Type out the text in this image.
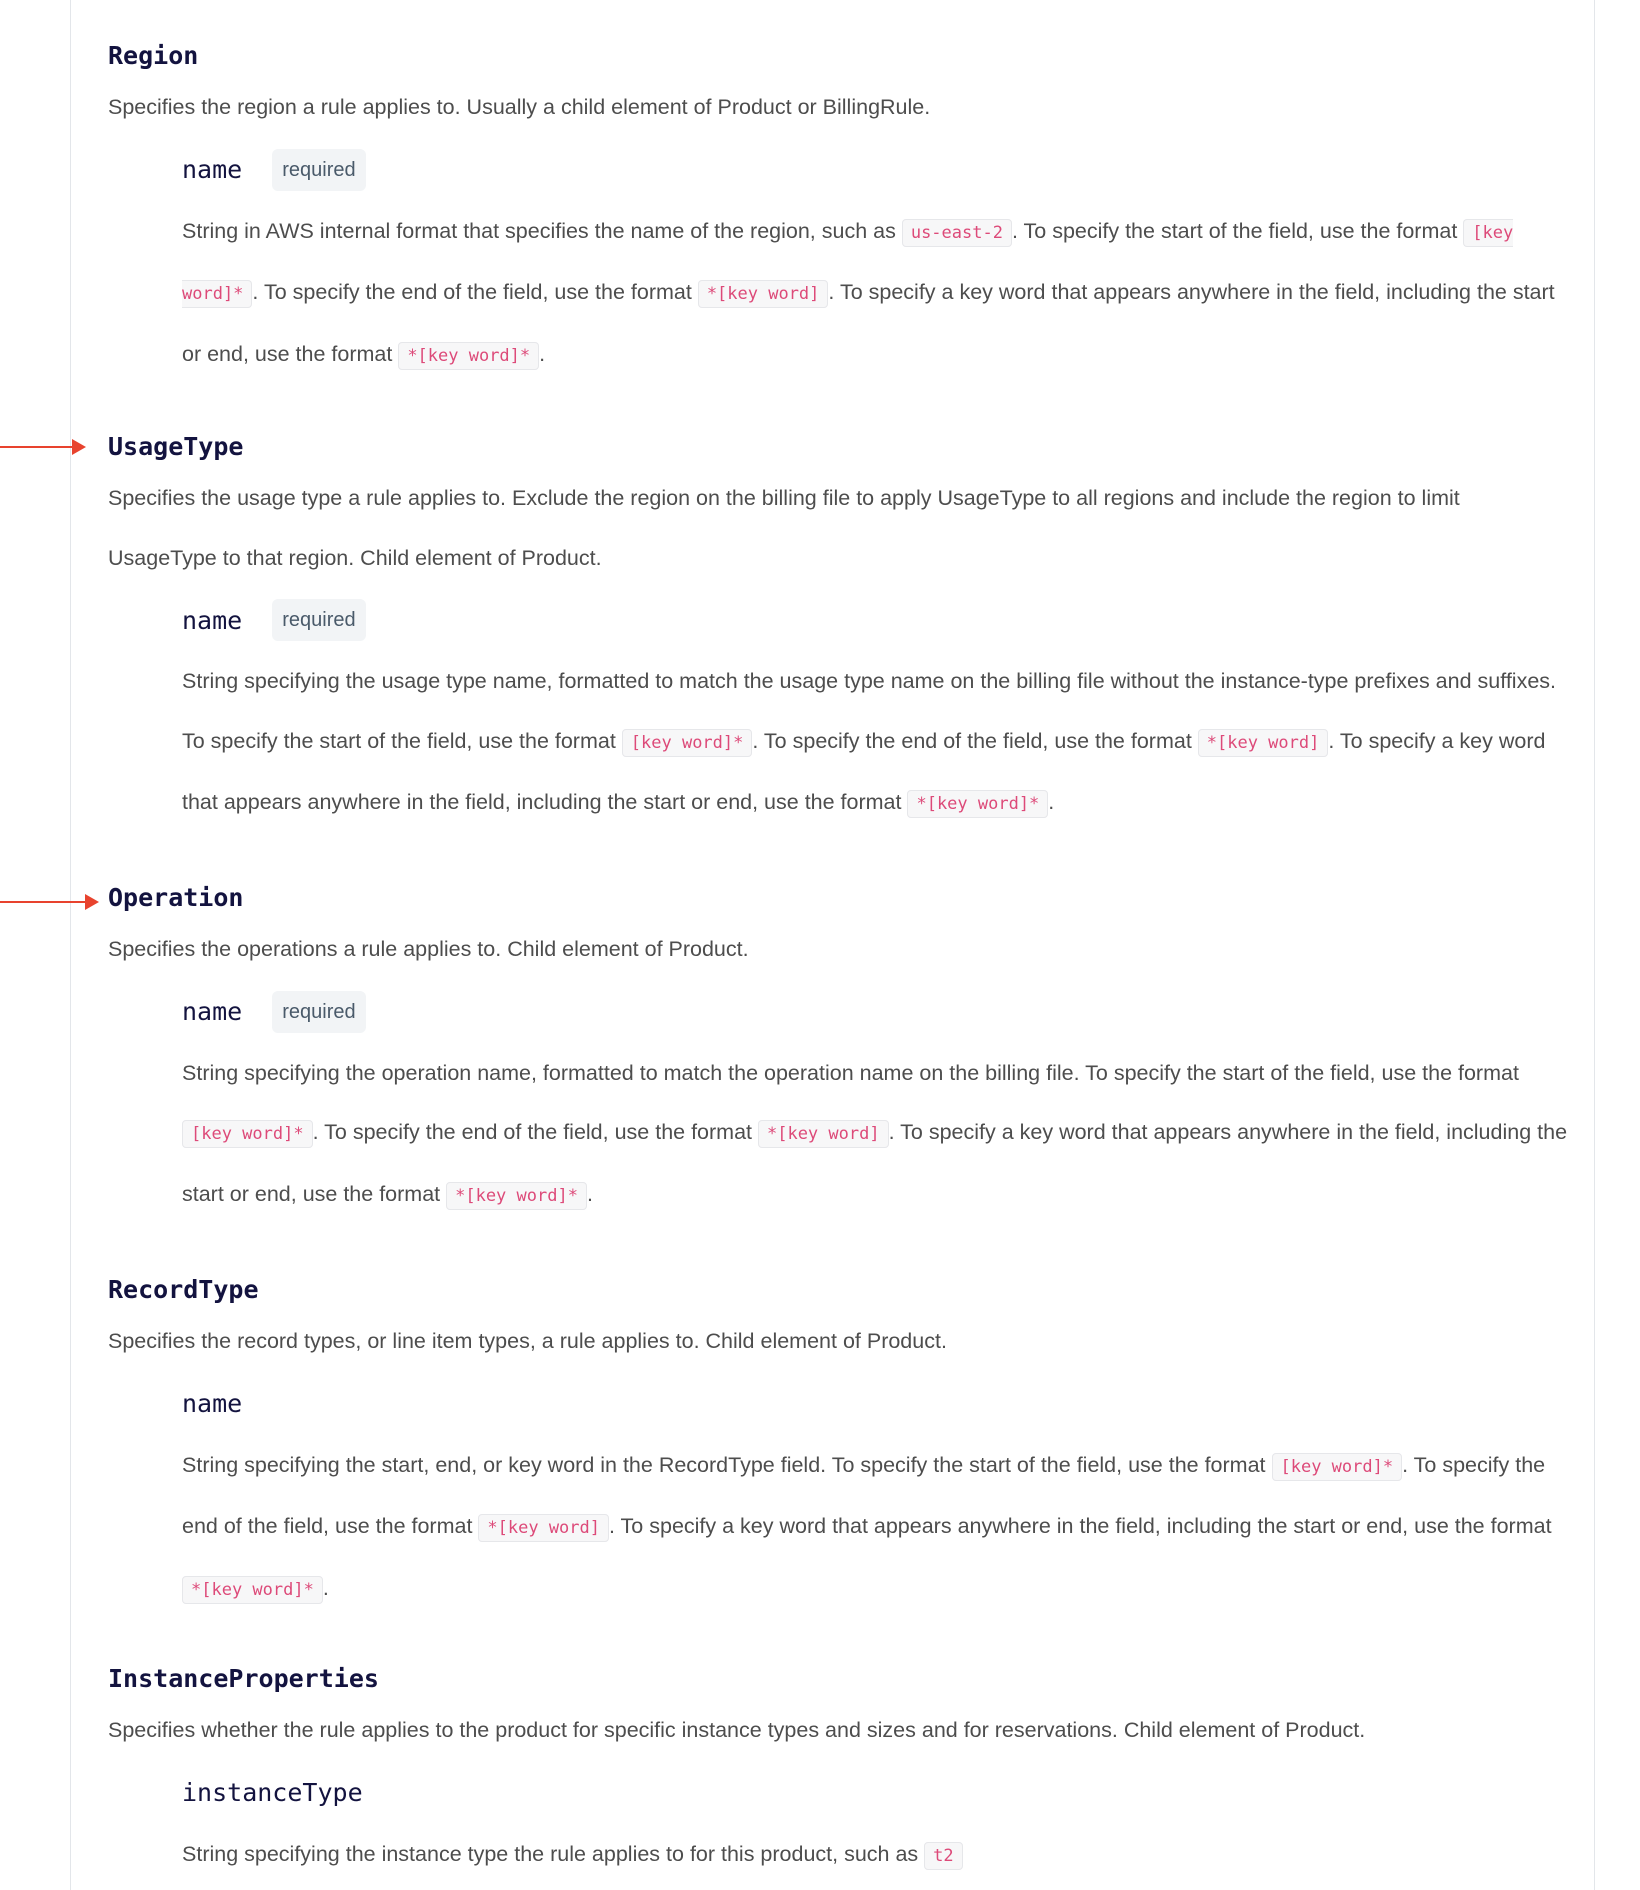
Region

Specifies the region a rule applies to. Usually a child element of Product or BillingRule.

name	required

String in AWS internal format that specifies the name of the region, such as us-east-2 . To specify the start of the field, use the format [key word]* . To specify the end of the field, use the format *[key word] . To specify a key word that appears anywhere in the field, including the start or end, use the format *[key word]* .

UsageType

Specifies the usage type a rule applies to. Exclude the region on the billing file to apply UsageType to all regions and include the region to limit UsageType to that region. Child element of Product.

name	required

String specifying the usage type name, formatted to match the usage type name on the billing file without the instance-type prefixes and suffixes. To specify the start of the field, use the format [key word]* . To specify the end of the field, use the format *[key word] . To specify a key word that appears anywhere in the field, including the start or end, use the format *[key word]* .

Operation

Specifies the operations a rule applies to. Child element of Product.

name	required

String specifying the operation name, formatted to match the operation name on the billing file. To specify the start of the field, use the format [key word]* . To specify the end of the field, use the format *[key word] . To specify a key word that appears anywhere in the field, including the start or end, use the format *[key word]* .

RecordType

Specifies the record types, or line item types, a rule applies to. Child element of Product.

name

String specifying the start, end, or key word in the RecordType field. To specify the start of the field, use the format [key word]* . To specify the end of the field, use the format *[key word] . To specify a key word that appears anywhere in the field, including the start or end, use the format *[key word]* .

InstanceProperties

Specifies whether the rule applies to the product for specific instance types and sizes and for reservations. Child element of Product.

instanceType

String specifying the instance type the rule applies to for this product, such as t2
